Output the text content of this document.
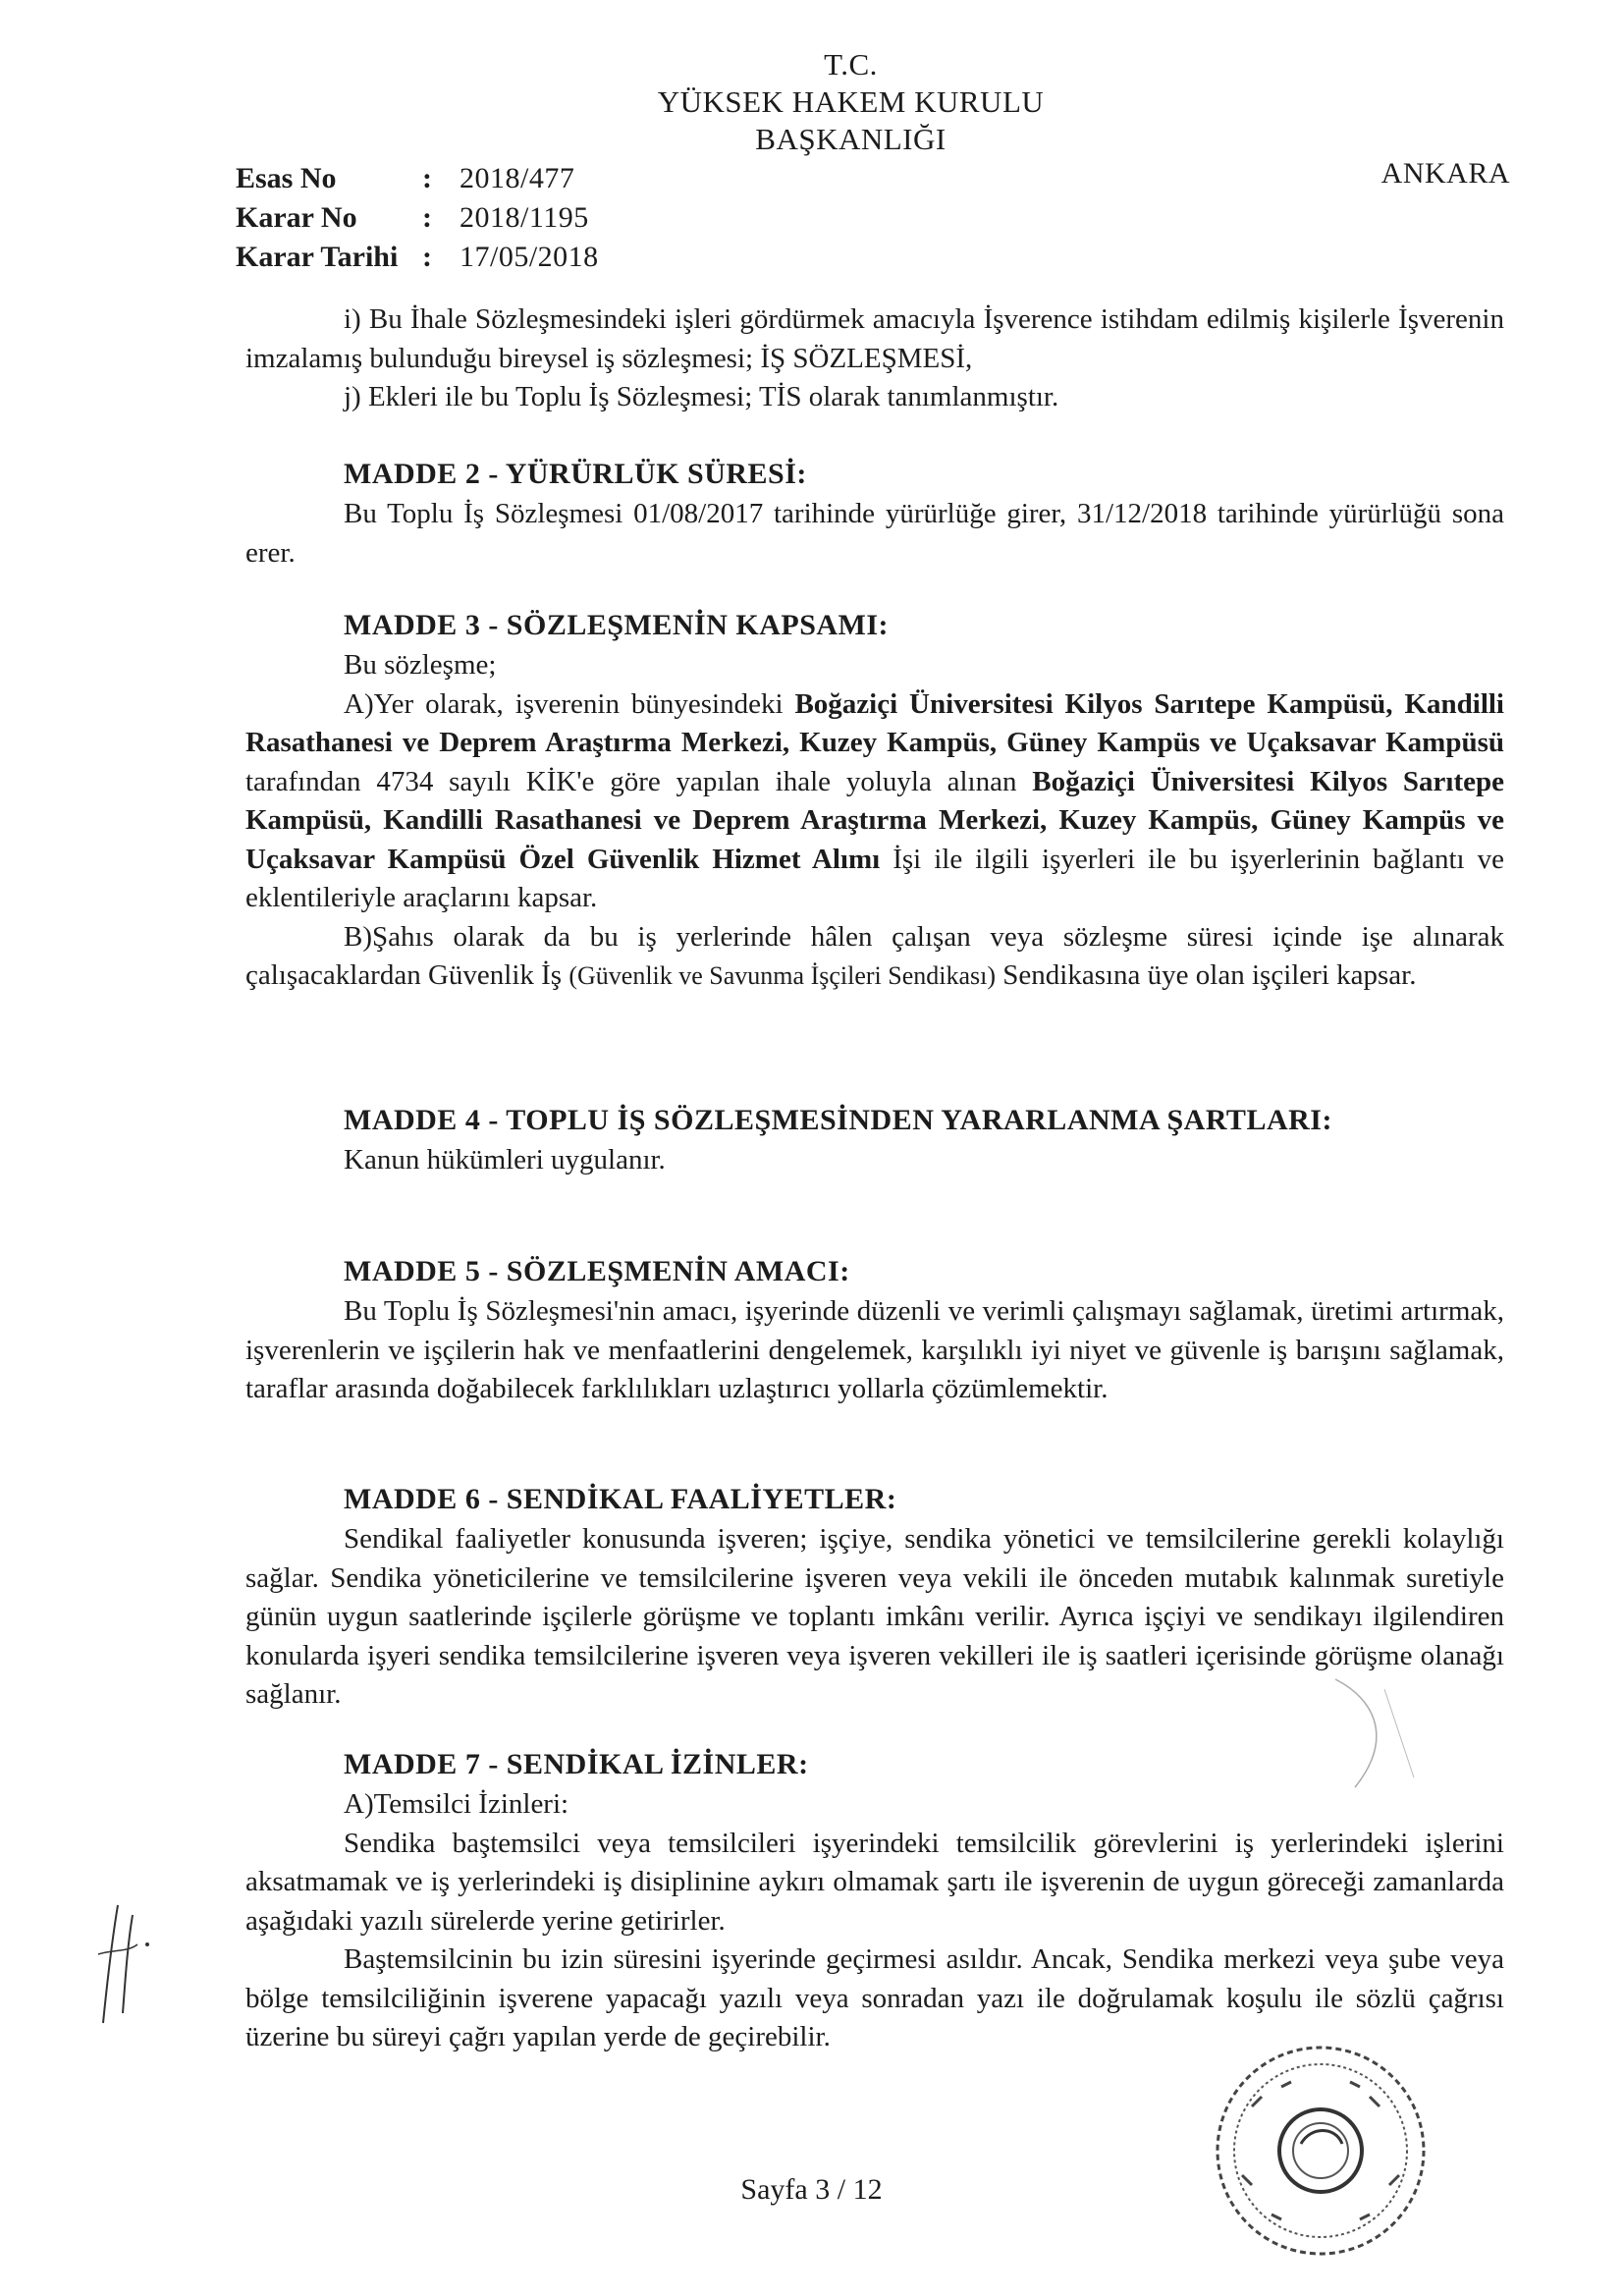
T.C.
YÜKSEK HAKEM KURULU
BAŞKANLIĞI
Esas No	: 2018/477
Karar No	: 2018/1195
Karar Tarihi : 17/05/2018
ANKARA

i) Bu İhale Sözleşmesindeki işleri gördürmek amacıyla İşverence istihdam edilmiş kişilerle İşverenin imzalamış bulunduğu bireysel iş sözleşmesi; İŞ SÖZLEŞMESİ,

j) Ekleri ile bu Toplu İş Sözleşmesi; TİS olarak tanımlanmıştır.

MADDE 2 - YÜRÜRLÜK SÜRESİ:

Bu Toplu İş Sözleşmesi 01/08/2017 tarihinde yürürlüğe girer, 31/12/2018 tarihinde yürürlüğü sona erer.

MADDE 3 - SÖZLEŞMENİN KAPSAMI:

Bu sözleşme;

A)Yer olarak, işverenin bünyesindeki Boğaziçi Üniversitesi Kilyos Sarıtepe Kampüsü, Kandilli Rasathanesi ve Deprem Araştırma Merkezi, Kuzey Kampüs, Güney Kampüs ve Uçaksavar Kampüsü tarafından 4734 sayılı KİK'e göre yapılan ihale yoluyla alınan Boğaziçi Üniversitesi Kilyos Sarıtepe Kampüsü, Kandilli Rasathanesi ve Deprem Araştırma Merkezi, Kuzey Kampüs, Güney Kampüs ve Uçaksavar Kampüsü Özel Güvenlik Hizmet Alımı İşi ile ilgili işyerleri ile bu işyerlerinin bağlantı ve eklentileriyle araçlarını kapsar.

B)Şahıs olarak da bu iş yerlerinde hâlen çalışan veya sözleşme süresi içinde işe alınarak çalışacaklardan Güvenlik İş (Güvenlik ve Savunma İşçileri Sendikası) Sendikasına üye olan işçileri kapsar.

MADDE 4 - TOPLU İŞ SÖZLEŞMESİNDEN YARARLANMA ŞARTLARI:

Kanun hükümleri uygulanır.

MADDE 5 - SÖZLEŞMENİN AMACI:

Bu Toplu İş Sözleşmesi'nin amacı, işyerinde düzenli ve verimli çalışmayı sağlamak, üretimi artırmak, işverenlerin ve işçilerin hak ve menfaatlerini dengelemek, karşılıklı iyi niyet ve güvenle iş barışını sağlamak, taraflar arasında doğabilecek farklılıkları uzlaştırıcı yollarla çözümlemektir.

MADDE 6 - SENDİKAL FAALİYETLER:

Sendikal faaliyetler konusunda işveren; işçiye, sendika yönetici ve temsilcilerine gerekli kolaylığı sağlar. Sendika yöneticilerine ve temsilcilerine işveren veya vekili ile önceden mutabık kalınmak suretiyle günün uygun saatlerinde işçilerle görüşme ve toplantı imkânı verilir. Ayrıca işçiyi ve sendikayı ilgilendiren konularda işyeri sendika temsilcilerine işveren veya işveren vekilleri ile iş saatleri içerisinde görüşme olanağı sağlanır.

MADDE 7 - SENDİKAL İZİNLER:

A)Temsilci İzinleri:

Sendika baştemsilci veya temsilcileri işyerindeki temsilcilik görevlerini iş yerlerindeki işlerini aksatmamak ve iş yerlerindeki iş disiplinine aykırı olmamak şartı ile işverenin de uygun göreceği zamanlarda aşağıdaki yazılı sürelerde yerine getirirler.

Baştemsilcinin bu izin süresini işyerinde geçirmesi asıldır. Ancak, Sendika merkezi veya şube veya bölge temsilciliğinin işverene yapacağı yazılı veya sonradan yazı ile doğrulamak koşulu ile sözlü çağrısı üzerine bu süreyi çağrı yapılan yerde de geçirebilir.

Sayfa 3 / 12
